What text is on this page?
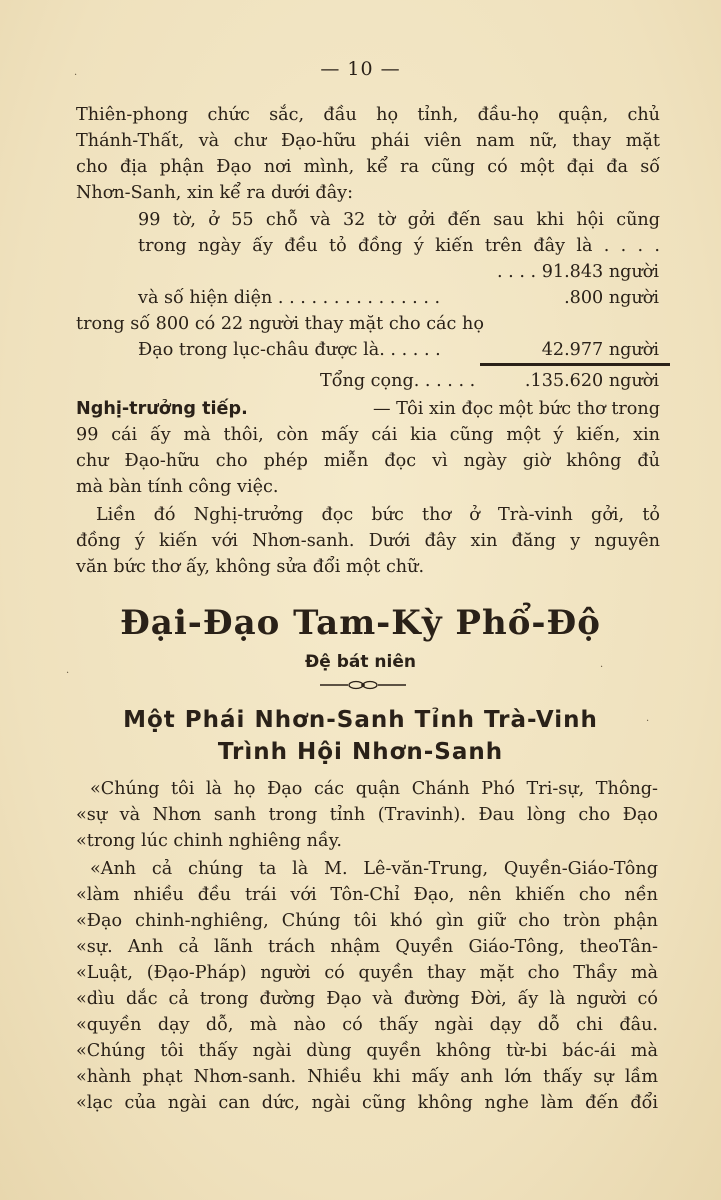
— 10 —
Thiên-phong chức sắc, đầu họ tỉnh, đầu-họ quận, chủ
Thánh-Thất, và chư Đạo-hữu phái viên nam nữ, thay mặt
cho địa phận Đạo nơi mình, kể ra cũng có một đại đa số
Nhơn-Sanh, xin kể ra dưới đây:
99 tờ, ở 55 chỗ và 32 tờ gởi đến sau khi hội cũng
trong ngày ấy đều tỏ đồng ý kiến trên đây là . . . .
. . . . 91.843 người
và số hiện diện . . . . . . . . . . . . . . .	.800 người
trong số 800 có 22 người thay mặt cho các họ
Đạo trong lục-châu được là. . . . . .	42.977 người
Tổng cọng. . . . . .	.135.620 người
Nghị-trưởng tiếp.	— Tôi xin đọc một bức thơ trong
99 cái ấy mà thôi, còn mấy cái kia cũng một ý kiến, xin
chư Đạo-hữu cho phép miễn đọc vì ngày giờ không đủ
mà bàn tính công việc.
Liền đó Nghị-trưởng đọc bức thơ ở Trà-vinh gởi, tỏ
đồng ý kiến với Nhơn-sanh. Dưới đây xin đăng y nguyên
văn bức thơ ấy, không sửa đổi một chữ.
Đại-Đạo Tam-Kỳ Phổ-Độ
Đệ bát niên
Một Phái Nhơn-Sanh Tỉnh Trà-Vinh
Trình Hội Nhơn-Sanh
«Chúng tôi là họ Đạo các quận Chánh Phó Tri-sự, Thông-
«sự và Nhơn sanh trong tỉnh (Travinh). Đau lòng cho Đạo
«trong lúc chinh nghiêng nầy.
«Anh cả chúng ta là M. Lê-văn-Trung, Quyền-Giáo-Tông
«làm nhiều đều trái với Tôn-Chỉ Đạo, nên khiến cho nền
«Đạo chinh-nghiêng, Chúng tôi khó gìn giữ cho tròn phận
«sự. Anh cả lãnh trách nhậm Quyền Giáo-Tông, theoTân-
«Luật, (Đạo-Pháp) người có quyền thay mặt cho Thầy mà
«dìu dắc cả trong đường Đạo và đường Đời, ấy là người có
«quyền dạy dỗ, mà nào có thấy ngài dạy dỗ chi đâu.
«Chúng tôi thấy ngài dùng quyền không từ-bi bác-ái mà
«hành phạt Nhơn-sanh. Nhiều khi mấy anh lớn thấy sự lầm
«lạc của ngài can dức, ngài cũng không nghe làm đến đổi
·
·
·
·
